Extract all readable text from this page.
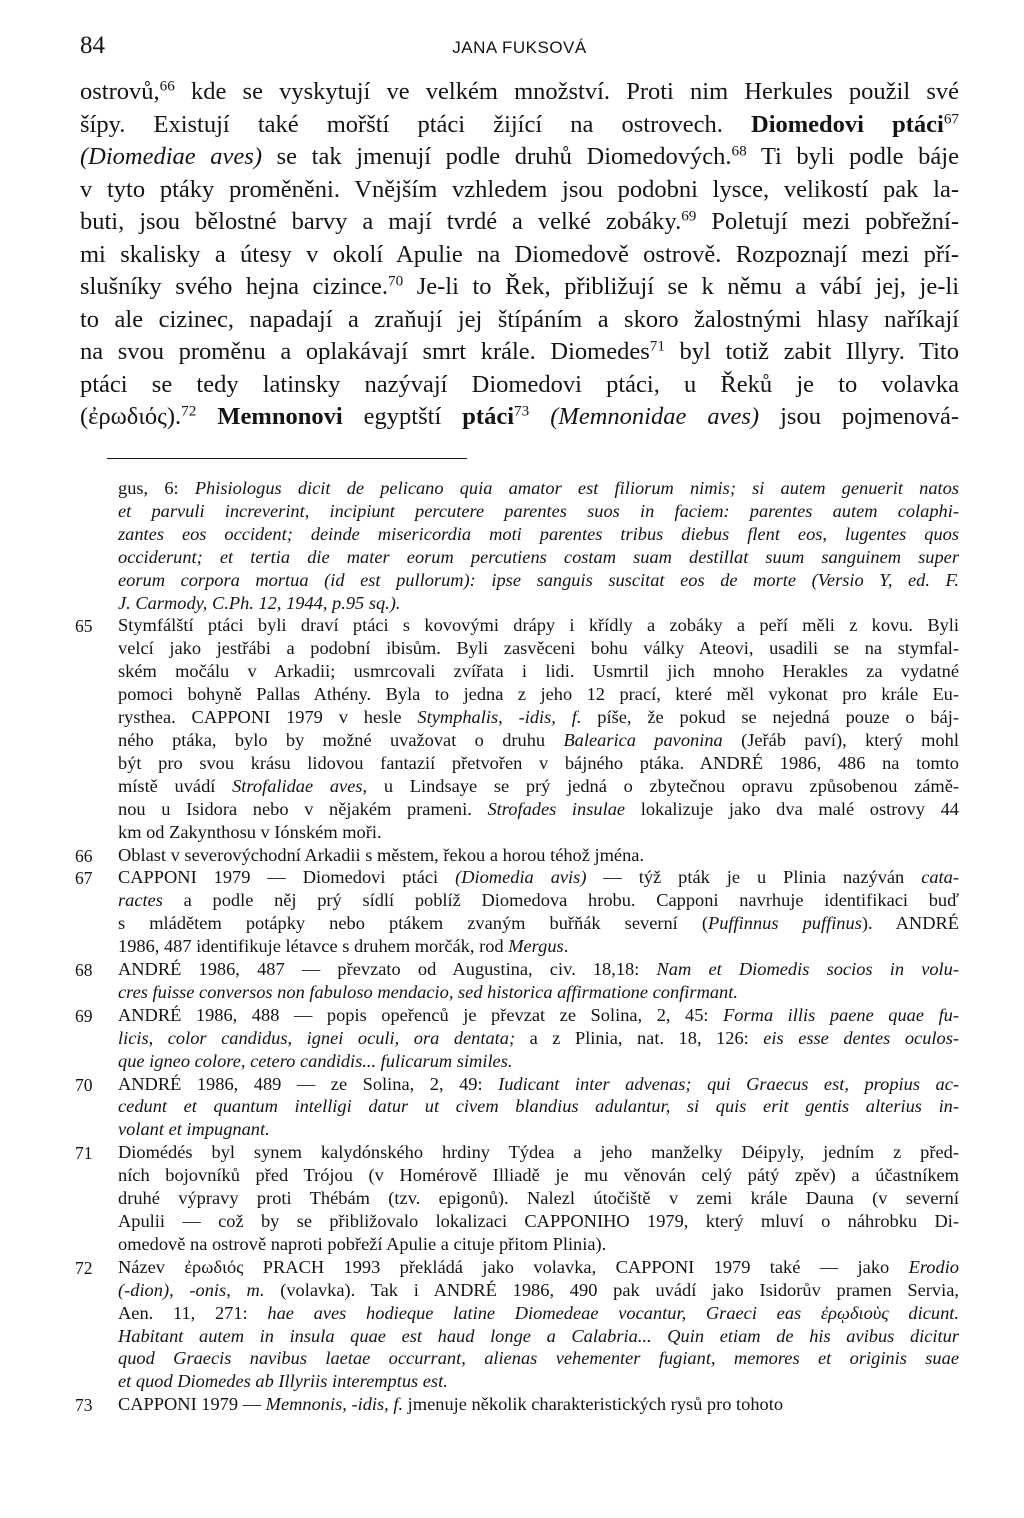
84	JANA FUKSOVÁ
ostrovů,$^{66}$ kde se vyskytují ve velkém množství. Proti nim Herkules použil své
šípy. Existují také mořští ptáci žijící na ostrovech. Diomedovi ptáci$^{67}$
(Diomediae aves) se tak jmenují podle druhů Diomedových.$^{68}$ Ti byli podle báje
v tyto ptáky proměněni. Vnějším vzhledem jsou podobni lysce, velikostí pak la-
buti, jsou bělostné barvy a mají tvrdé a velké zobáky.$^{69}$ Poletují mezi pobřežní-
mi skalisky a útesy v okolí Apulie na Diomedově ostrově. Rozpoznají mezi pří-
slušníky svého hejna cizince.$^{70}$ Je-li to Řek, přibližují se k němu a vábí jej, je-li
to ale cizinec, napadají a zraňují jej štípáním a skoro žalostnými hlasy naříkají
na svou proměnu a oplakávají smrt krále. Diomedes$^{71}$ byl totiž zabit Illyry. Tito
ptáci se tedy latinsky nazývají Diomedovi ptáci, u Řeků je to volavka
(ἐρωδιός).$^{72}$ Memnonovi egyptští ptáci$^{73}$ (Memnonidae aves) jsou pojmenová-
gus, 6: Phisiologus dicit de pelicano quia amator est filiorum nimis; si autem genuerit natos
et parvuli increverint, incipiunt percutere parentes suos in faciem: parentes autem colaphi-
zantes eos occident; deinde misericordia moti parentes tribus diebus flent eos, lugentes quos
occiderunt; et tertia die mater eorum percutiens costam suam destillat suum sanguinem super
eorum corpora mortua (id est pullorum): ipse sanguis suscitat eos de morte (Versio Y, ed. F.
J. Carmody, C.Ph. 12, 1944, p.95 sq.).
65 Stymfálští ptáci byli draví ptáci s kovovými drápy i křídly a zobáky a peří měli z kovu. Byli
velcí jako jestřábi a podobní ibisům. Byli zasvěceni bohu války Ateovi, usadili se na stymfal-
ském močálu v Arkadii; usmrcovali zvířata i lidi. Usmrtil jich mnoho Herakles za vydatné
pomoci bohyně Pallas Athény. Byla to jedna z jeho 12 prací, které měl vykonat pro krále Eu-
rysthea. CAPPONI 1979 v hesle Stymphalis, -idis, f. píše, že pokud se nejedná pouze o báj-
ného ptáka, bylo by možné uvažovat o druhu Balearica pavonina (Jeřáb paví), který mohl
být pro svou krásu lidovou fantazií přetvořen v bájného ptáka. ANDRÉ 1986, 486 na tomto
místě uvádí Strofalidae aves, u Lindsaye se prý jedná o zbytečnou opravu způsobenou zámě-
nou u Isidora nebo v nějakém prameni. Strofades insulae lokalizuje jako dva malé ostrovy 44
km od Zakynthosu v Iónském moři.
66 Oblast v severovýchodní Arkadii s městem, řekou a horou téhož jména.
67 CAPPONI 1979 — Diomedovi ptáci (Diomedia avis) — týž pták je u Plinia nazýván cata-
ractes a podle něj prý sídlí poblíž Diomedova hrobu. Capponi navrhuje identifikaci buď
s mládětem potápky nebo ptákem zvaným buřňák severní (Puffinnus puffinus). ANDRÉ
1986, 487 identifikuje létavce s druhem morčák, rod Mergus.
68 ANDRÉ 1986, 487 — převzato od Augustina, civ. 18,18: Nam et Diomedis socios in volu-
cres fuisse conversos non fabuloso mendacio, sed historica affirmatione confirmant.
69 ANDRÉ 1986, 488 — popis opeřenců je převzat ze Solina, 2, 45: Forma illis paene quae fu-
licis, color candidus, ignei oculi, ora dentata; a z Plinia, nat. 18, 126: eis esse dentes oculos-
que igneo colore, cetero candidis... fulicarum similes.
70 ANDRÉ 1986, 489 — ze Solina, 2, 49: Iudicant inter advenas; qui Graecus est, propius ac-
cedunt et quantum intelligi datur ut civem blandius adulantur, si quis erit gentis alterius in-
volant et impugnant.
71 Diomédés byl synem kalydónského hrdiny Týdea a jeho manželky Déipyly, jedním z před-
ních bojovníků před Trójou (v Homérově Illiadě je mu věnován celý pátý zpěv) a účastníkem
druhé výpravy proti Thébám (tzv. epigonů). Nalezl útočiště v zemi krále Dauna (v severní
Apulii — což by se přibližovalo lokalizaci CAPPONIHO 1979, který mluví o náhrobku Di-
omedově na ostrově naproti pobřeží Apulie a cituje přitom Plinia).
72 Název ἐρωδιός PRACH 1993 překládá jako volavka, CAPPONI 1979 také — jako Erodio
(-dion), -onis, m. (volavka). Tak i ANDRÉ 1986, 490 pak uvádí jako Isidorův pramen Servia,
Aen. 11, 271: hae aves hodieque latine Diomedeae vocantur, Graeci eas ἐρῳδιοὺς dicunt.
Habitant autem in insula quae est haud longe a Calabria... Quin etiam de his avibus dicitur
quod Graecis navibus laetae occurrant, alienas vehementer fugiant, memores et originis suae
et quod Diomedes ab Illyriis interemptus est.
73 CAPPONI 1979 — Memnonis, -idis, f. jmenuje několik charakteristických rysů pro tohoto
